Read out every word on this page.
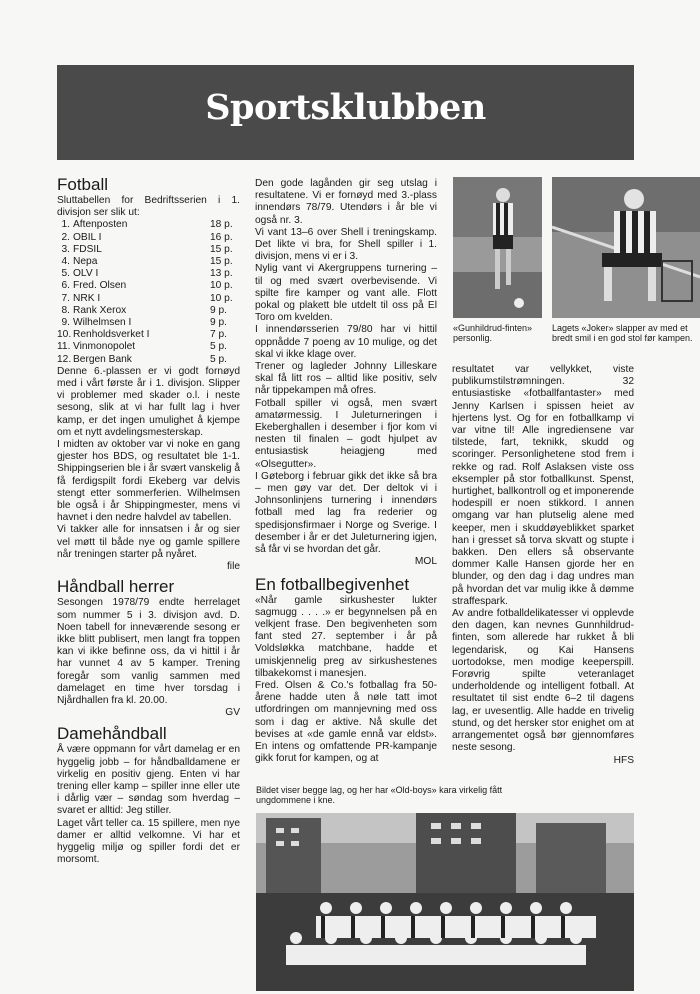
Sportsklubben
Fotball

Sluttabellen for Bedriftsserien i 1. divisjon ser slik ut:

1. Aftenposten	18 p.
2. OBIL I	16 p.
3. FDSIL	15 p.
4. Nepa	15 p.
5. OLV I	13 p.
6. Fred. Olsen	10 p.
7. NRK I	10 p.
8. Rank Xerox	9 p.
9. Wilhelmsen I	9 p.
10. Renholdsverket I	7 p.
11. Vinmonopolet	5 p.
12. Bergen Bank	5 p.

Denne 6.-plassen er vi godt fornøyd med i vårt første år i 1. divisjon. Slipper vi problemer med skader o.l. i neste sesong, slik at vi har fullt lag i hver kamp, er det ingen umulighet å kjempe om et nytt avdelingsmesterskap.

I midten av oktober var vi noke en gang gjester hos BDS, og resultatet ble 1-1. Shippingserien ble i år svært vanskelig å få ferdigspilt fordi Ekeberg var delvis stengt etter sommerferien. Wilhelmsen ble også i år Shippingmester, mens vi havnet i den nedre halvdel av tabellen.

Vi takker alle for innsatsen i år og sier vel møtt til både nye og gamle spillere når treningen starter på nyåret.

file
Håndball herrer

Sesongen 1978/79 endte herrelaget som nummer 5 i 3. divisjon avd. D. Noen tabell for inneværende sesong er ikke blitt publisert, men langt fra toppen kan vi ikke befinne oss, da vi hittil i år har vunnet 4 av 5 kamper. Trening foregår som vanlig sammen med damelaget en time hver torsdag i Njårdhallen fra kl. 20.00.

GV
Damehåndball

Å være oppmann for vårt damelag er en hyggelig jobb – for håndballdamene er virkelig en positiv gjeng. Enten vi har trening eller kamp – spiller inne eller ute i dårlig vær – søndag som hverdag – svaret er alltid: Jeg stiller.

Laget vårt teller ca. 15 spillere, men nye damer er alltid velkomne. Vi har et hyggelig miljø og spiller fordi det er morsomt.

Den gode lagånden gir seg utslag i resultatene. Vi er fornøyd med 3.-plass innendørs 78/79. Utendørs i år ble vi også nr. 3.

Vi vant 13–6 over Shell i treningskamp. Det likte vi bra, for Shell spiller i 1. divisjon, mens vi er i 3.

Nylig vant vi Akergruppens turnering – til og med svært overbevisende. Vi spilte fire kamper og vant alle. Flott pokal og plakett ble utdelt til oss på El Toro om kvelden.

I innendørsserien 79/80 har vi hittil oppnådde 7 poeng av 10 mulige, og det skal vi ikke klage over.

Trener og lagleder Johnny Lilleskare skal få litt ros – alltid like positiv, selv når tippekampen må ofres.

Fotball spiller vi også, men svært amatørmessig. I Juleturneringen i Ekeberghallen i desember i fjor kom vi nesten til finalen – godt hjulpet av entusiastisk heiagjeng med «Olsegutter».

I Gøteborg i februar gikk det ikke så bra – men gøy var det. Der deltok vi i Johnsonlinjens turnering i innendørs fotball med lag fra rederier og spedisjonsfirmaer i Norge og Sverige. I desember i år er det Juleturnering igjen, så får vi se hvordan det går.

MOL
En fotballbegivenhet

«Når gamle sirkushester lukter sagmugg . . . .» er begynnelsen på en velkjent frase. Den begivenheten som fant sted 27. september i år på Voldsløkka matchbane, hadde et umiskjennelig preg av sirkushestenes tilbakekomst i manesjen.

Fred. Olsen & Co.'s fotballag fra 50-årene hadde uten å nøle tatt imot utfordringen om mannjevning med oss som i dag er aktive. Nå skulle det bevises at «de gamle ennå var eldst». En intens og omfattende PR-kampanje gikk forut for kampen, og at

«Gunhildrud-finten» personlig.
Lagets «Joker» slapper av med et bredt smil i en god stol før kampen.

resultatet var vellykket, viste publikumstilstrømningen. 32 entusiastiske «fotballfantaster» med Jenny Karlsen i spissen heiet av hjertens lyst. Og for en fotballkamp vi var vitne til! Alle ingrediensene var tilstede, fart, teknikk, skudd og scoringer. Personlighetene stod frem i rekke og rad. Rolf Aslaksen viste oss eksempler på stor fotballkunst. Spenst, hurtighet, ballkontroll og et imponerende hodespill er noen stikkord. I annen omgang var han plutselig alene med keeper, men i skuddøyeblikket sparket han i gresset så torva skvatt og stupte i bakken. Den ellers så observante dommer Kalle Hansen gjorde her en blunder, og den dag i dag undres man på hvordan det var mulig ikke å dømme straffespark.

Av andre fotballdelikatesser vi opplevde den dagen, kan nevnes Gunnhildrud-finten, som allerede har rukket å bli legendarisk, og Kai Hansens uortodokse, men modige keeperspill. Forøvrig spilte veteranlaget underholdende og intelligent fotball. At resultatet til sist endte 6–2 til dagens lag, er uvesentlig. Alle hadde en trivelig stund, og det hersker stor enighet om at arrangementet også bør gjennomføres neste sesong.

HFS
Bildet viser begge lag, og her har «Old-boys» kara virkelig fått ungdommene i kne.
